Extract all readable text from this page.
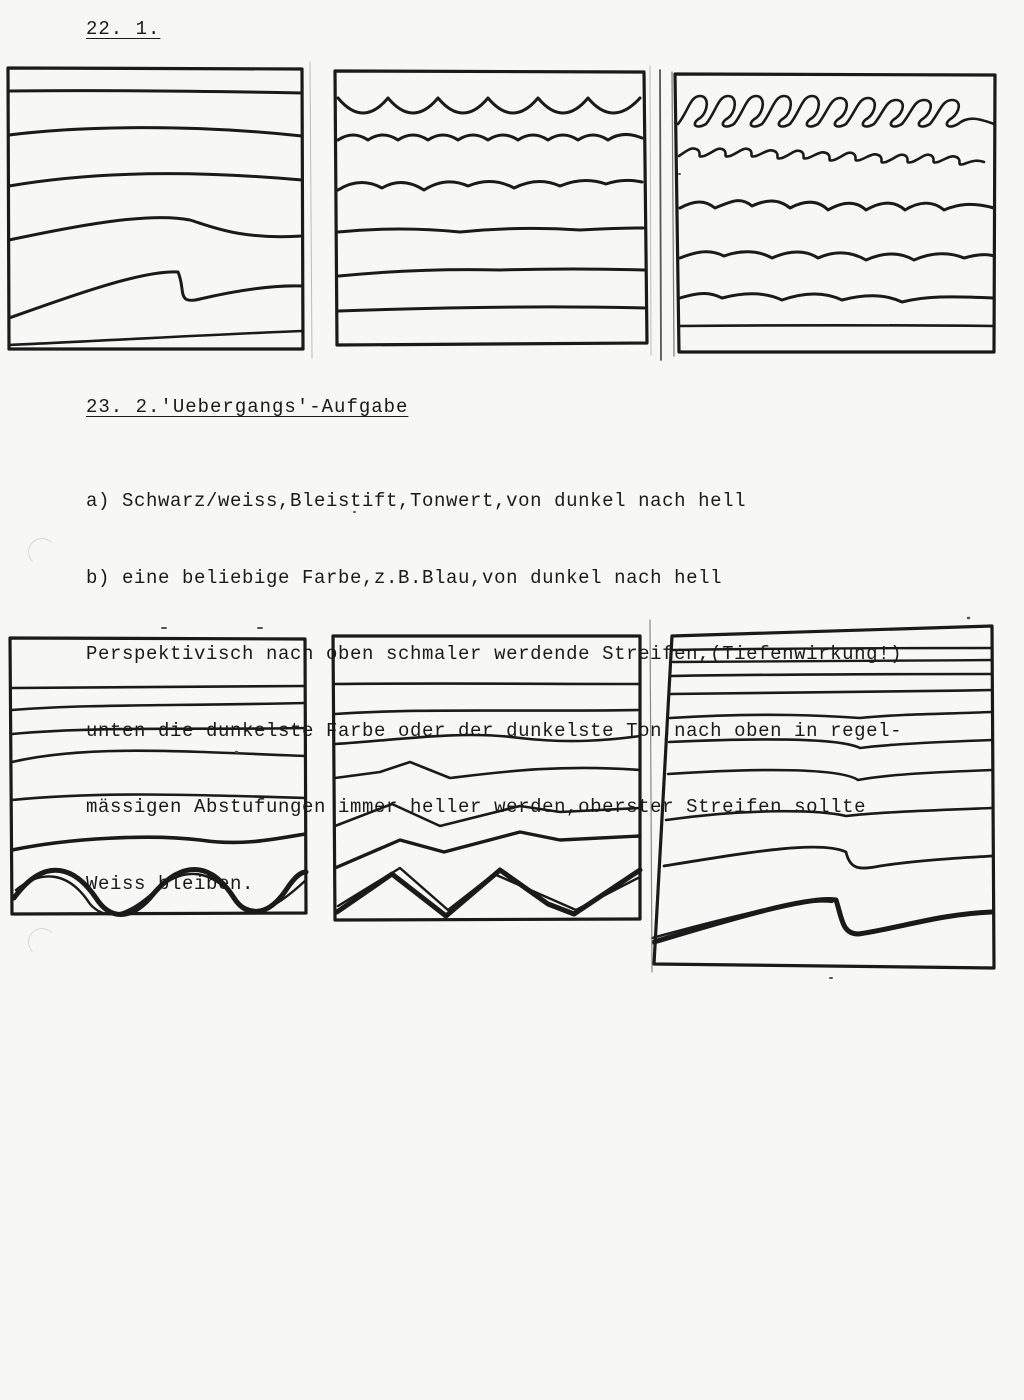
22. 1.
23. 2.'Uebergangs'-Aufgabe

a) Schwarz/weiss,Bleistift,Tonwert,von dunkel nach hell

b) eine beliebige Farbe,z.B.Blau,von dunkel nach hell

Perspektivisch nach oben schmaler werdende Streifen,(Tiefenwirkung!)

unten die dunkelste Farbe oder der dunkelste Ton,nach oben in regel-

mässigen Abstufungen immer heller werden,oberster Streifen sollte

Weiss bleiben.
